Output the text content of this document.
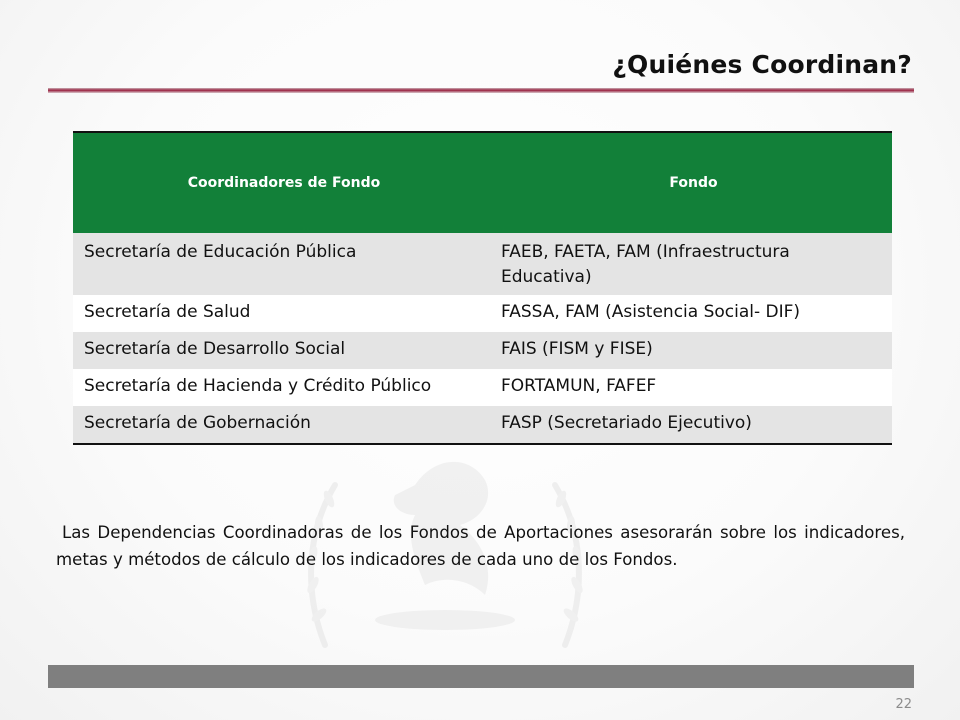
¿Quiénes Coordinan?
Coordinadores de Fondo	Fondo
Secretaría de Educación Pública	FAEB, FAETA, FAM (Infraestructura Educativa)
Secretaría de Salud	FASSA, FAM (Asistencia Social- DIF)
Secretaría de Desarrollo Social	FAIS (FISM y FISE)
Secretaría de Hacienda y Crédito Público	FORTAMUN, FAFEF
Secretaría de Gobernación	FASP (Secretariado Ejecutivo)

Las Dependencias Coordinadoras de los Fondos de Aportaciones asesorarán sobre los indicadores, metas y métodos de cálculo de los indicadores de cada uno de los Fondos.

22
